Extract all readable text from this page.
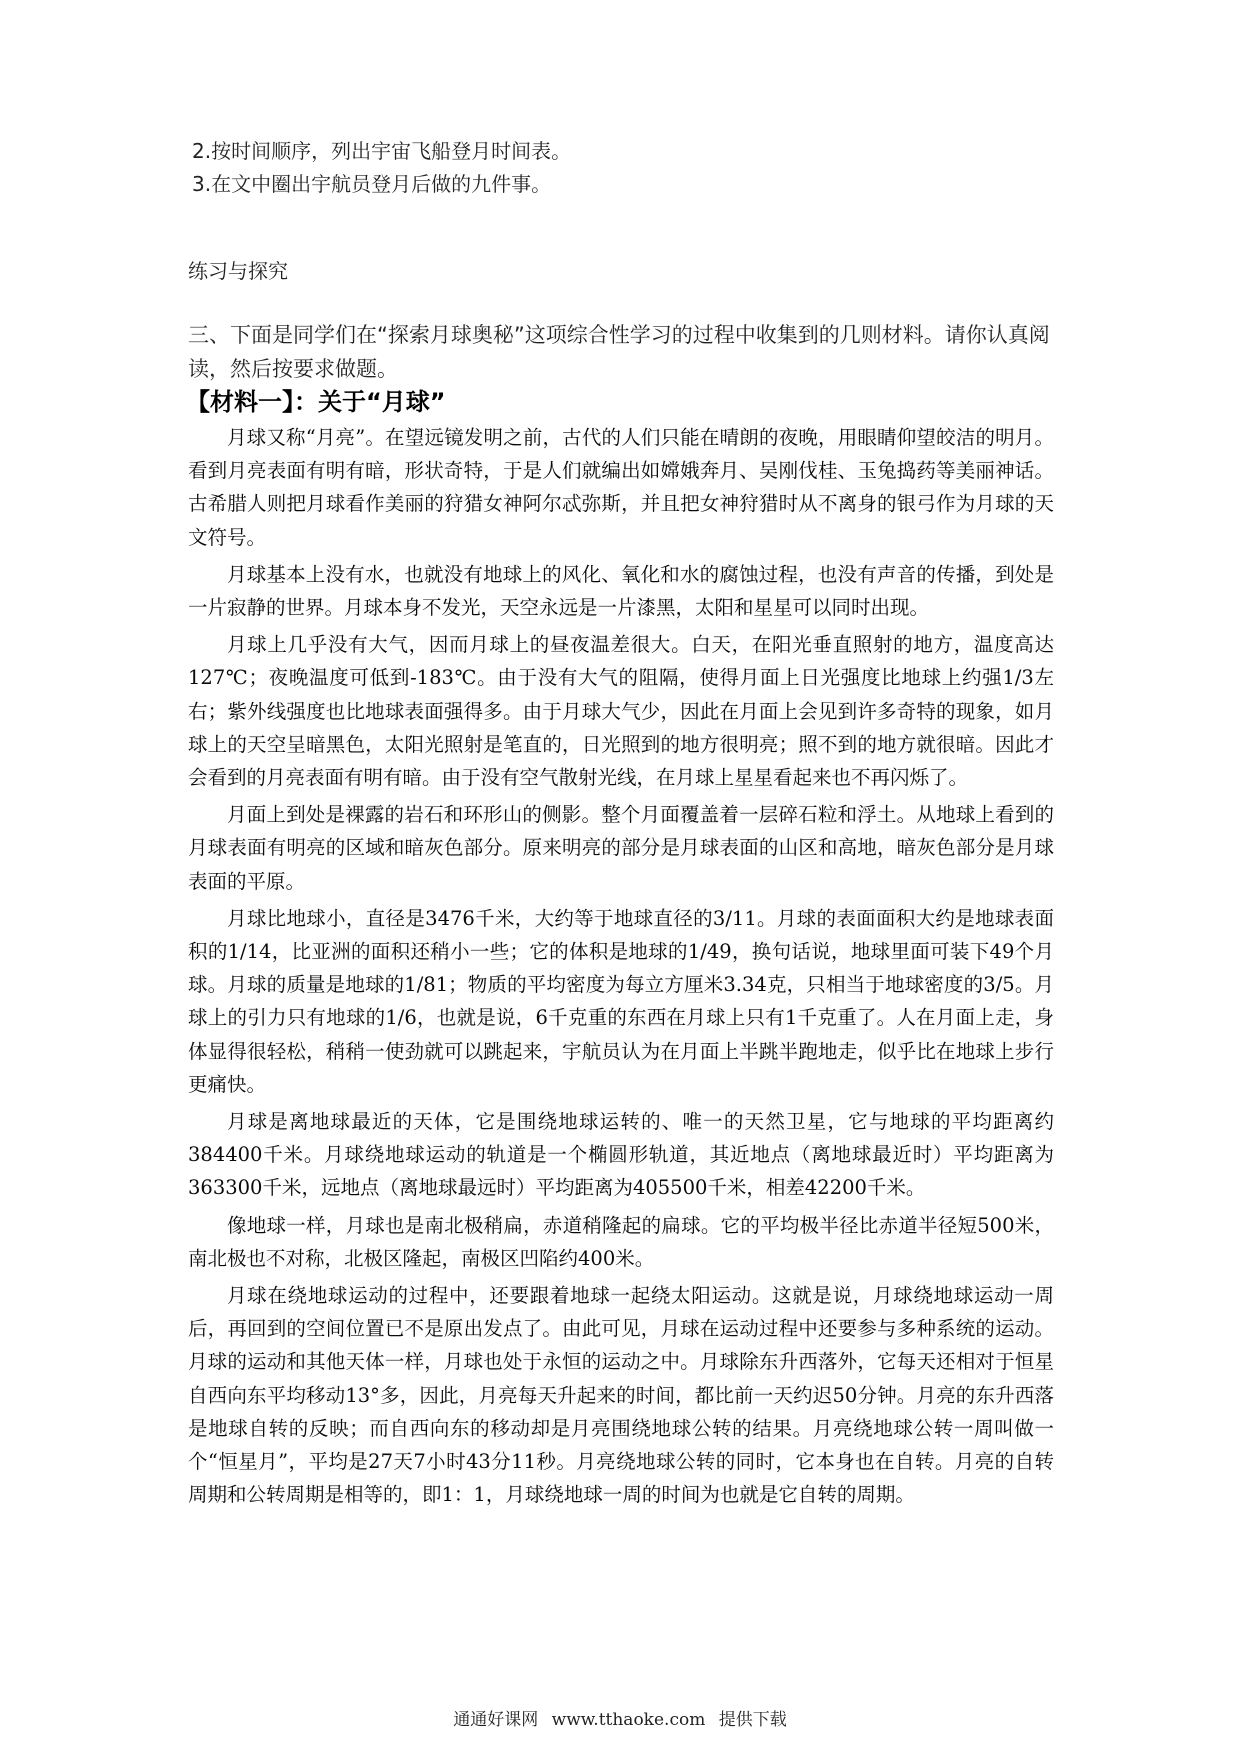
2.按时间顺序，列出宇宙飞船登月时间表。
3.在文中圈出宇航员登月后做的九件事。
练习与探究
三、下面是同学们在“探索月球奥秘”这项综合性学习的过程中收集到的几则材料。请你认真阅读，然后按要求做题。
【材料一】：关于“月球”

月球又称“月亮”。在望远镜发明之前，古代的人们只能在晴朗的夜晚，用眼睛仰望皎洁的明月。看到月亮表面有明有暗，形状奇特，于是人们就编出如嫦娥奔月、吴刚伐桂、玉兔捣药等美丽神话。古希腊人则把月球看作美丽的狩猎女神阿尔忒弥斯，并且把女神狩猎时从不离身的银弓作为月球的天文符号。

月球基本上没有水，也就没有地球上的风化、氧化和水的腐蚀过程，也没有声音的传播，到处是一片寂静的世界。月球本身不发光，天空永远是一片漆黑，太阳和星星可以同时出现。

月球上几乎没有大气，因而月球上的昼夜温差很大。白天，在阳光垂直照射的地方，温度高达127℃；夜晚温度可低到-183℃。由于没有大气的阻隔，使得月面上日光强度比地球上约强1/3左右；紫外线强度也比地球表面强得多。由于月球大气少，因此在月面上会见到许多奇特的现象，如月球上的天空呈暗黑色，太阳光照射是笔直的，日光照到的地方很明亮；照不到的地方就很暗。因此才会看到的月亮表面有明有暗。由于没有空气散射光线，在月球上星星看起来也不再闪烁了。

月面上到处是裸露的岩石和环形山的侧影。整个月面覆盖着一层碎石粒和浮土。从地球上看到的月球表面有明亮的区域和暗灰色部分。原来明亮的部分是月球表面的山区和高地，暗灰色部分是月球表面的平原。

月球比地球小，直径是3476千米，大约等于地球直径的3/11。月球的表面面积大约是地球表面积的1/14，比亚洲的面积还稍小一些；它的体积是地球的1/49，换句话说，地球里面可装下49个月球。月球的质量是地球的1/81；物质的平均密度为每立方厘米3.34克，只相当于地球密度的3/5。月球上的引力只有地球的1/6，也就是说，6千克重的东西在月球上只有1千克重了。人在月面上走，身体显得很轻松，稍稍一使劲就可以跳起来，宇航员认为在月面上半跳半跑地走，似乎比在地球上步行更痛快。

月球是离地球最近的天体，它是围绕地球运转的、唯一的天然卫星，它与地球的平均距离约384400千米。月球绕地球运动的轨道是一个椭圆形轨道，其近地点（离地球最近时）平均距离为363300千米，远地点（离地球最远时）平均距离为405500千米，相差42200千米。

像地球一样，月球也是南北极稍扁，赤道稍隆起的扁球。它的平均极半径比赤道半径短500米，南北极也不对称，北极区隆起，南极区凹陷约400米。

月球在绕地球运动的过程中，还要跟着地球一起绕太阳运动。这就是说，月球绕地球运动一周后，再回到的空间位置已不是原出发点了。由此可见，月球在运动过程中还要参与多种系统的运动。月球的运动和其他天体一样，月球也处于永恒的运动之中。月球除东升西落外，它每天还相对于恒星自西向东平均移动13°多，因此，月亮每天升起来的时间，都比前一天约迟50分钟。月亮的东升西落是地球自转的反映；而自西向东的移动却是月亮围绕地球公转的结果。月亮绕地球公转一周叫做一个“恒星月”，平均是27天7小时43分11秒。月亮绕地球公转的同时，它本身也在自转。月亮的自转周期和公转周期是相等的，即1：1，月球绕地球一周的时间为也就是它自转的周期。

通通好课网 www.tthaoke.com 提供下载
